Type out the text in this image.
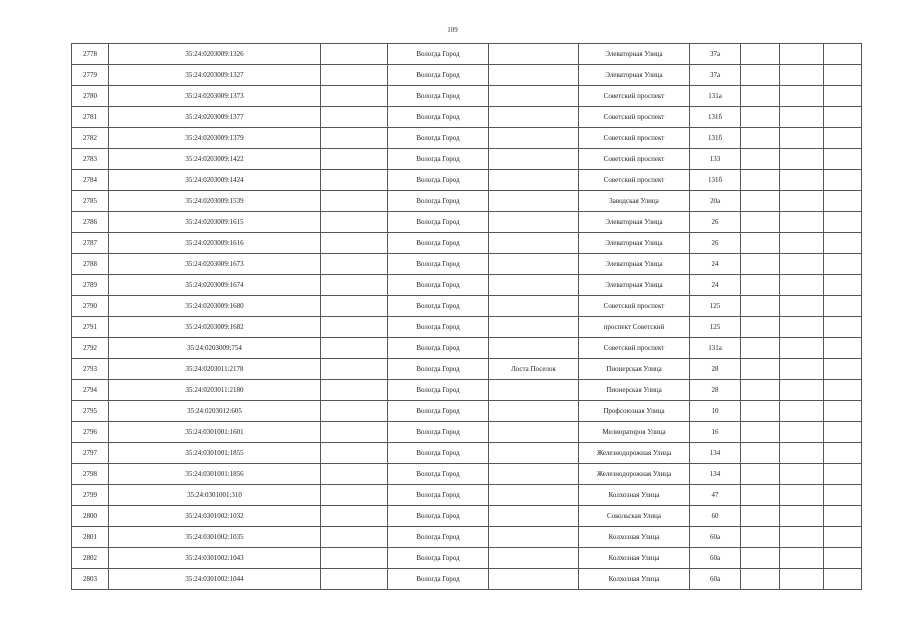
109
2778	35:24:0203009:1326		Вологда Город		Элеваторная Улица	37а			
2779	35:24:0203009:1327		Вологда Город		Элеваторная Улица	37а			
2780	35:24:0203009:1373		Вологда Город		Советский проспект	131а			
2781	35:24:0203009:1377		Вологда Город		Советский проспект	131б			
2782	35:24:0203009:1379		Вологда Город		Советский проспект	131б			
2783	35:24:0203009:1422		Вологда Город		Советский проспект	133			
2784	35:24:0203009:1424		Вологда Город		Советский проспект	131б			
2785	35:24:0203009:1539		Вологда Город		Заводская Улица	20а			
2786	35:24:0203009:1615		Вологда Город		Элеваторная Улица	26			
2787	35:24:0203009:1616		Вологда Город		Элеваторная Улица	26			
2788	35:24:0203009:1673		Вологда Город		Элеваторная Улица	24			
2789	35:24:0203009:1674		Вологда Город		Элеваторная Улица	24			
2790	35:24:0203009:1680		Вологда Город		Советский проспект	125			
2791	35:24:0203009:1682		Вологда Город		проспект Советский	125			
2792	35:24:0203009:754		Вологда Город		Советский проспект	131а			
2793	35:24:0203011:2178		Вологда Город	Лоста Поселок	Пионерская Улица	28			
2794	35:24:0203011:2180		Вологда Город		Пионерская Улица	28			
2795	35:24:0203012:605		Вологда Город		Профсоюзная Улица	10			
2796	35:24:0301001:1601		Вологда Город		Мелиораторов Улица	16			
2797	35:24:0301001:1855		Вологда Город		Железнодорожная Улица	134			
2798	35:24:0301001:1856		Вологда Город		Железнодорожная Улица	134			
2799	35:24:0301001:310		Вологда Город		Колхозная Улица	47			
2800	35:24:0301002:1032		Вологда Город		Сокольская Улица	60			
2801	35:24:0301002:1035		Вологда Город		Колхозная Улица	60а			
2802	35:24:0301002:1043		Вологда Город		Колхозная Улица	60а			
2803	35:24:0301002:1044		Вологда Город		Колхозная Улица	60а			
